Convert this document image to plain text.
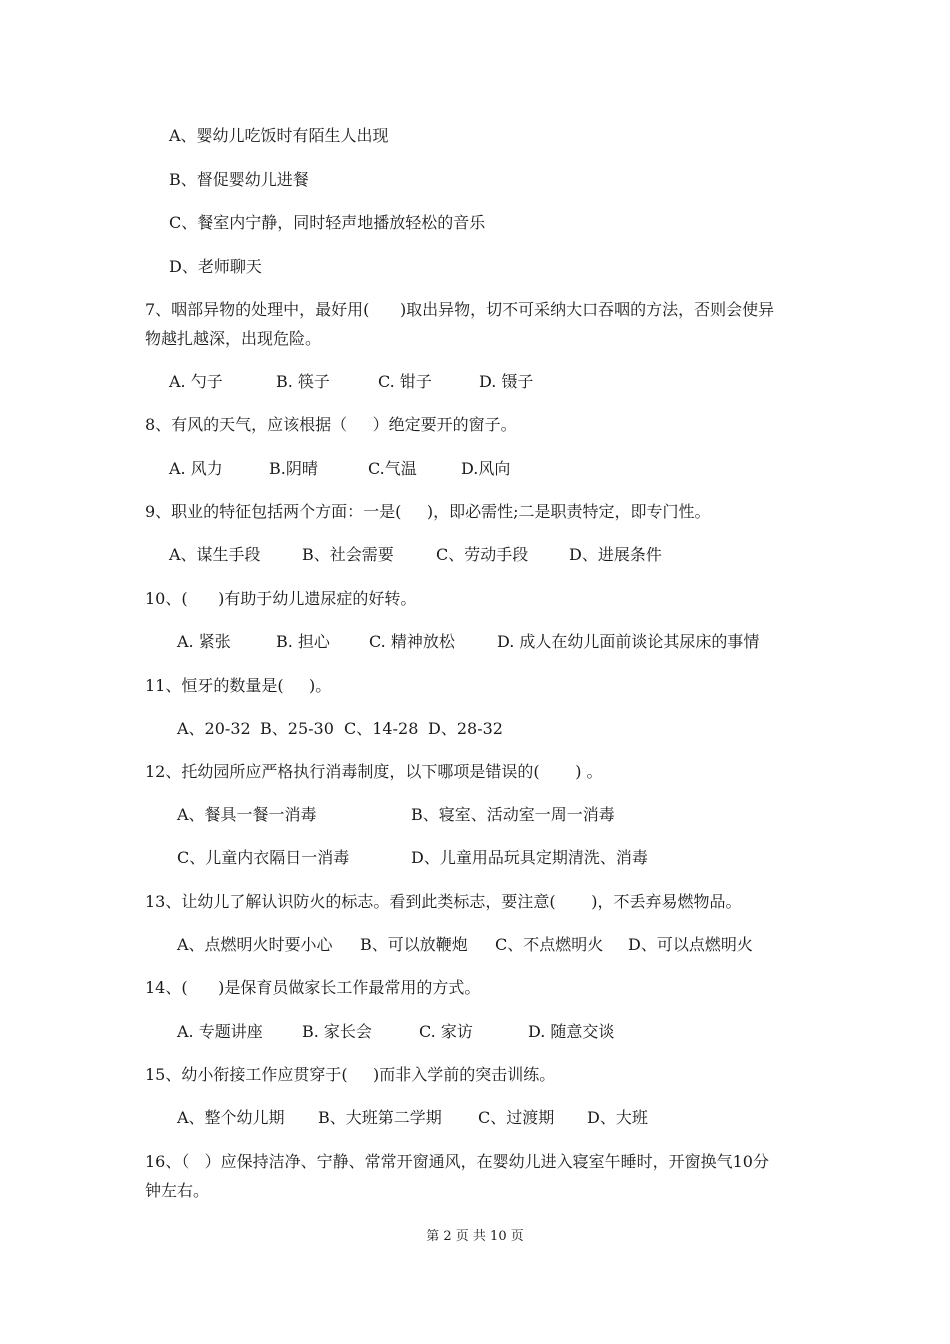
A、婴幼儿吃饭时有陌生人出现
B、督促婴幼儿进餐
C、餐室内宁静，同时轻声地播放轻松的音乐
D、老师聊天
7、咽部异物的处理中，最好用(      )取出异物，切不可采纳大口吞咽的方法，否则会使异
物越扎越深，出现危险。
A. 勺子	B. 筷子	C. 钳子	D. 镊子
8、有风的天气，应该根据（     ）绝定要开的窗子。
A. 风力	B.阴晴	C.气温	D.风向
9、职业的特征包括两个方面：一是(     )，即必需性;二是职责特定，即专门性。
A、谋生手段	B、社会需要	C、劳动手段	D、进展条件
10、(      )有助于幼儿遗尿症的好转。
A. 紧张	B. 担心 C. 精神放松	D. 成人在幼儿面前谈论其尿床的事情
11、恒牙的数量是(     )。
A、20-32 B、25-30 C、14-28 D、28-32
12、托幼园所应严格执行消毒制度，以下哪项是错误的(       ) 。
A、餐具一餐一消毒	B、寝室、活动室一周一消毒
C、儿童内衣隔日一消毒	D、儿童用品玩具定期清洗、消毒
13、让幼儿了解认识防火的标志。看到此类标志，要注意(       )，不丢弃易燃物品。
A、点燃明火时要小心 B、可以放鞭炮 C、不点燃明火 D、可以点燃明火
14、(      )是保育员做家长工作最常用的方式。
A. 专题讲座 B. 家长会	C. 家访	D. 随意交谈
15、幼小衔接工作应贯穿于(     )而非入学前的突击训练。
A、整个幼儿期 B、大班第二学期 C、过渡期 D、大班
16、（   ）应保持洁净、宁静、常常开窗通风，在婴幼儿进入寝室午睡时，开窗换气10分
钟左右。
第 2 页 共 10 页
